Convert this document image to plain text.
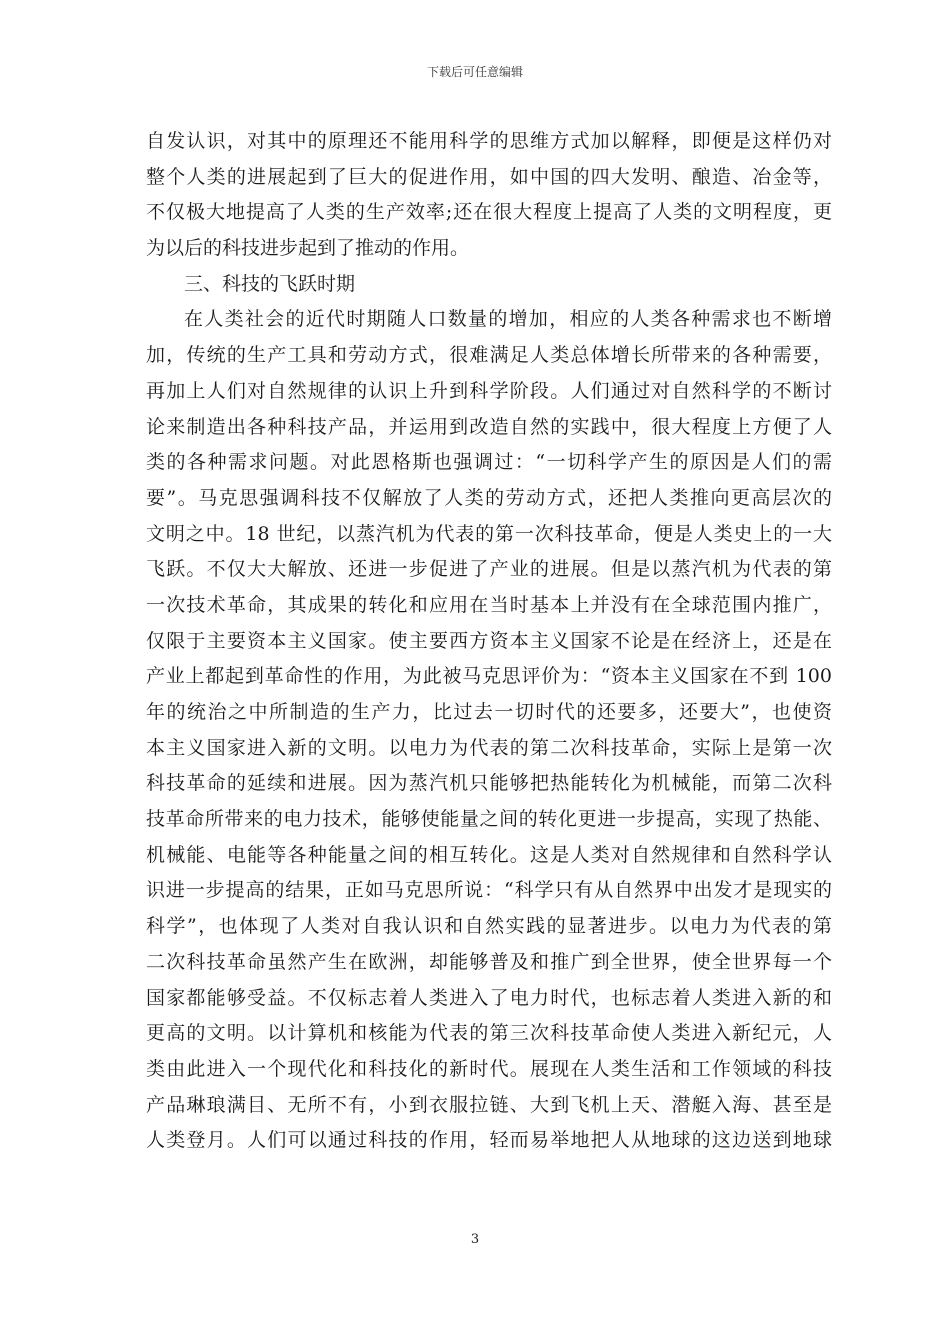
下载后可任意编辑
自发认识，对其中的原理还不能用科学的思维方式加以解释，即便是这样仍对
整个人类的进展起到了巨大的促进作用，如中国的四大发明、酿造、冶金等，
不仅极大地提高了人类的生产效率;还在很大程度上提高了人类的文明程度，更
为以后的科技进步起到了推动的作用。
三、科技的飞跃时期
在人类社会的近代时期随人口数量的增加，相应的人类各种需求也不断增
加，传统的生产工具和劳动方式，很难满足人类总体增长所带来的各种需要，
再加上人们对自然规律的认识上升到科学阶段。人们通过对自然科学的不断讨
论来制造出各种科技产品，并运用到改造自然的实践中，很大程度上方便了人
类的各种需求问题。对此恩格斯也强调过：“一切科学产生的原因是人们的需
要”。马克思强调科技不仅解放了人类的劳动方式，还把人类推向更高层次的
文明之中。18 世纪，以蒸汽机为代表的第一次科技革命，便是人类史上的一大
飞跃。不仅大大解放、还进一步促进了产业的进展。但是以蒸汽机为代表的第
一次技术革命，其成果的转化和应用在当时基本上并没有在全球范围内推广，
仅限于主要资本主义国家。使主要西方资本主义国家不论是在经济上，还是在
产业上都起到革命性的作用，为此被马克思评价为：“资本主义国家在不到 100
年的统治之中所制造的生产力，比过去一切时代的还要多，还要大”，也使资
本主义国家进入新的文明。以电力为代表的第二次科技革命，实际上是第一次
科技革命的延续和进展。因为蒸汽机只能够把热能转化为机械能，而第二次科
技革命所带来的电力技术，能够使能量之间的转化更进一步提高，实现了热能、
机械能、电能等各种能量之间的相互转化。这是人类对自然规律和自然科学认
识进一步提高的结果，正如马克思所说：“科学只有从自然界中出发才是现实的
科学”，也体现了人类对自我认识和自然实践的显著进步。以电力为代表的第
二次科技革命虽然产生在欧洲，却能够普及和推广到全世界，使全世界每一个
国家都能够受益。不仅标志着人类进入了电力时代，也标志着人类进入新的和
更高的文明。以计算机和核能为代表的第三次科技革命使人类进入新纪元，人
类由此进入一个现代化和科技化的新时代。展现在人类生活和工作领域的科技
产品琳琅满目、无所不有，小到衣服拉链、大到飞机上天、潜艇入海、甚至是
人类登月。人们可以通过科技的作用，轻而易举地把人从地球的这边送到地球
3
